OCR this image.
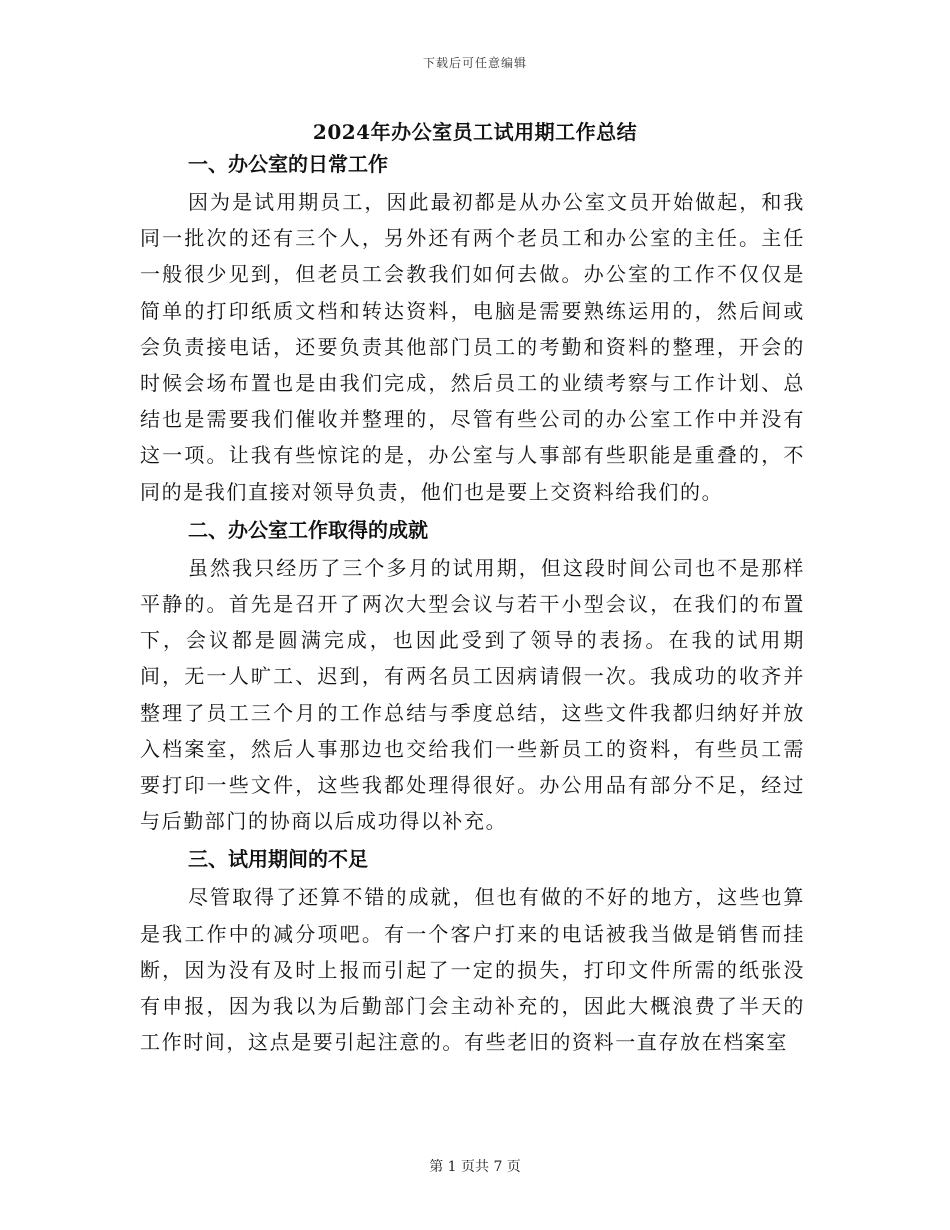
下载后可任意编辑
2024年办公室员工试用期工作总结
一、办公室的日常工作

因为是试用期员工，因此最初都是从办公室文员开始做起，和我同一批次的还有三个人，另外还有两个老员工和办公室的主任。主任一般很少见到，但老员工会教我们如何去做。办公室的工作不仅仅是简单的打印纸质文档和转达资料，电脑是需要熟练运用的，然后间或会负责接电话，还要负责其他部门员工的考勤和资料的整理，开会的时候会场布置也是由我们完成，然后员工的业绩考察与工作计划、总结也是需要我们催收并整理的，尽管有些公司的办公室工作中并没有这一项。让我有些惊诧的是，办公室与人事部有些职能是重叠的，不同的是我们直接对领导负责，他们也是要上交资料给我们的。

二、办公室工作取得的成就

虽然我只经历了三个多月的试用期，但这段时间公司也不是那样平静的。首先是召开了两次大型会议与若干小型会议，在我们的布置下，会议都是圆满完成，也因此受到了领导的表扬。在我的试用期间，无一人旷工、迟到，有两名员工因病请假一次。我成功的收齐并整理了员工三个月的工作总结与季度总结，这些文件我都归纳好并放入档案室，然后人事那边也交给我们一些新员工的资料，有些员工需要打印一些文件，这些我都处理得很好。办公用品有部分不足，经过与后勤部门的协商以后成功得以补充。

三、试用期间的不足

尽管取得了还算不错的成就，但也有做的不好的地方，这些也算是我工作中的减分项吧。有一个客户打来的电话被我当做是销售而挂断，因为没有及时上报而引起了一定的损失，打印文件所需的纸张没有申报，因为我以为后勤部门会主动补充的，因此大概浪费了半天的工作时间，这点是要引起注意的。有些老旧的资料一直存放在档案室

第 1 页共 7 页
